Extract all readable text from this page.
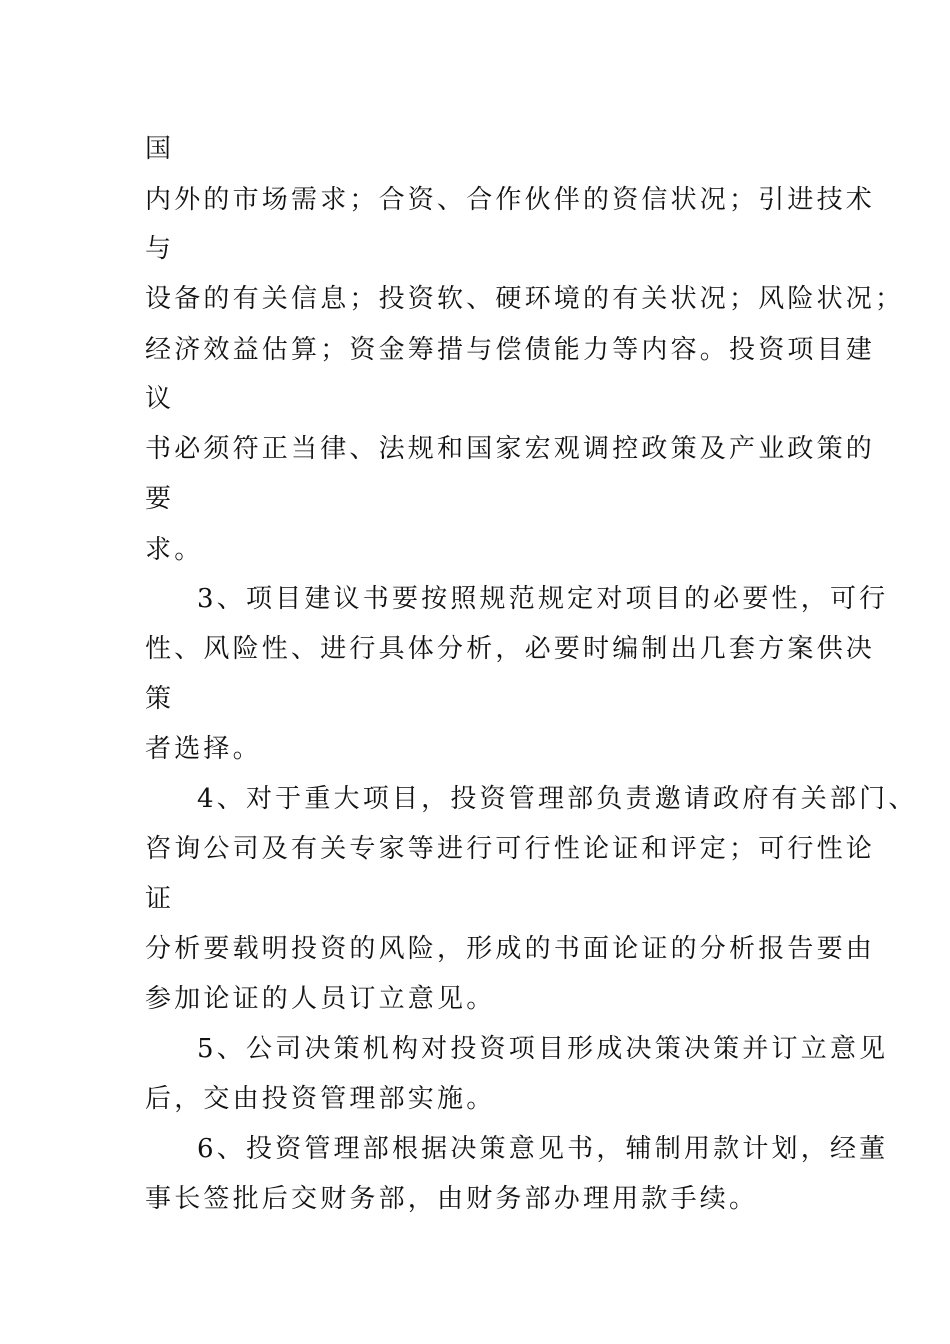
国
内外的市场需求；合资、合作伙伴的资信状况；引进技术
与
设备的有关信息；投资软、硬环境的有关状况；风险状况；
经济效益估算；资金筹措与偿债能力等内容。投资项目建
议
书必须符正当律、法规和国家宏观调控政策及产业政策的
要
求。
3、项目建议书要按照规范规定对项目的必要性，可行
性、风险性、进行具体分析，必要时编制出几套方案供决
策
者选择。
4、对于重大项目，投资管理部负责邀请政府有关部门、
咨询公司及有关专家等进行可行性论证和评定；可行性论
证
分析要载明投资的风险，形成的书面论证的分析报告要由
参加论证的人员订立意见。
5、公司决策机构对投资项目形成决策决策并订立意见
后，交由投资管理部实施。
6、投资管理部根据决策意见书，辅制用款计划，经董
事长签批后交财务部，由财务部办理用款手续。
